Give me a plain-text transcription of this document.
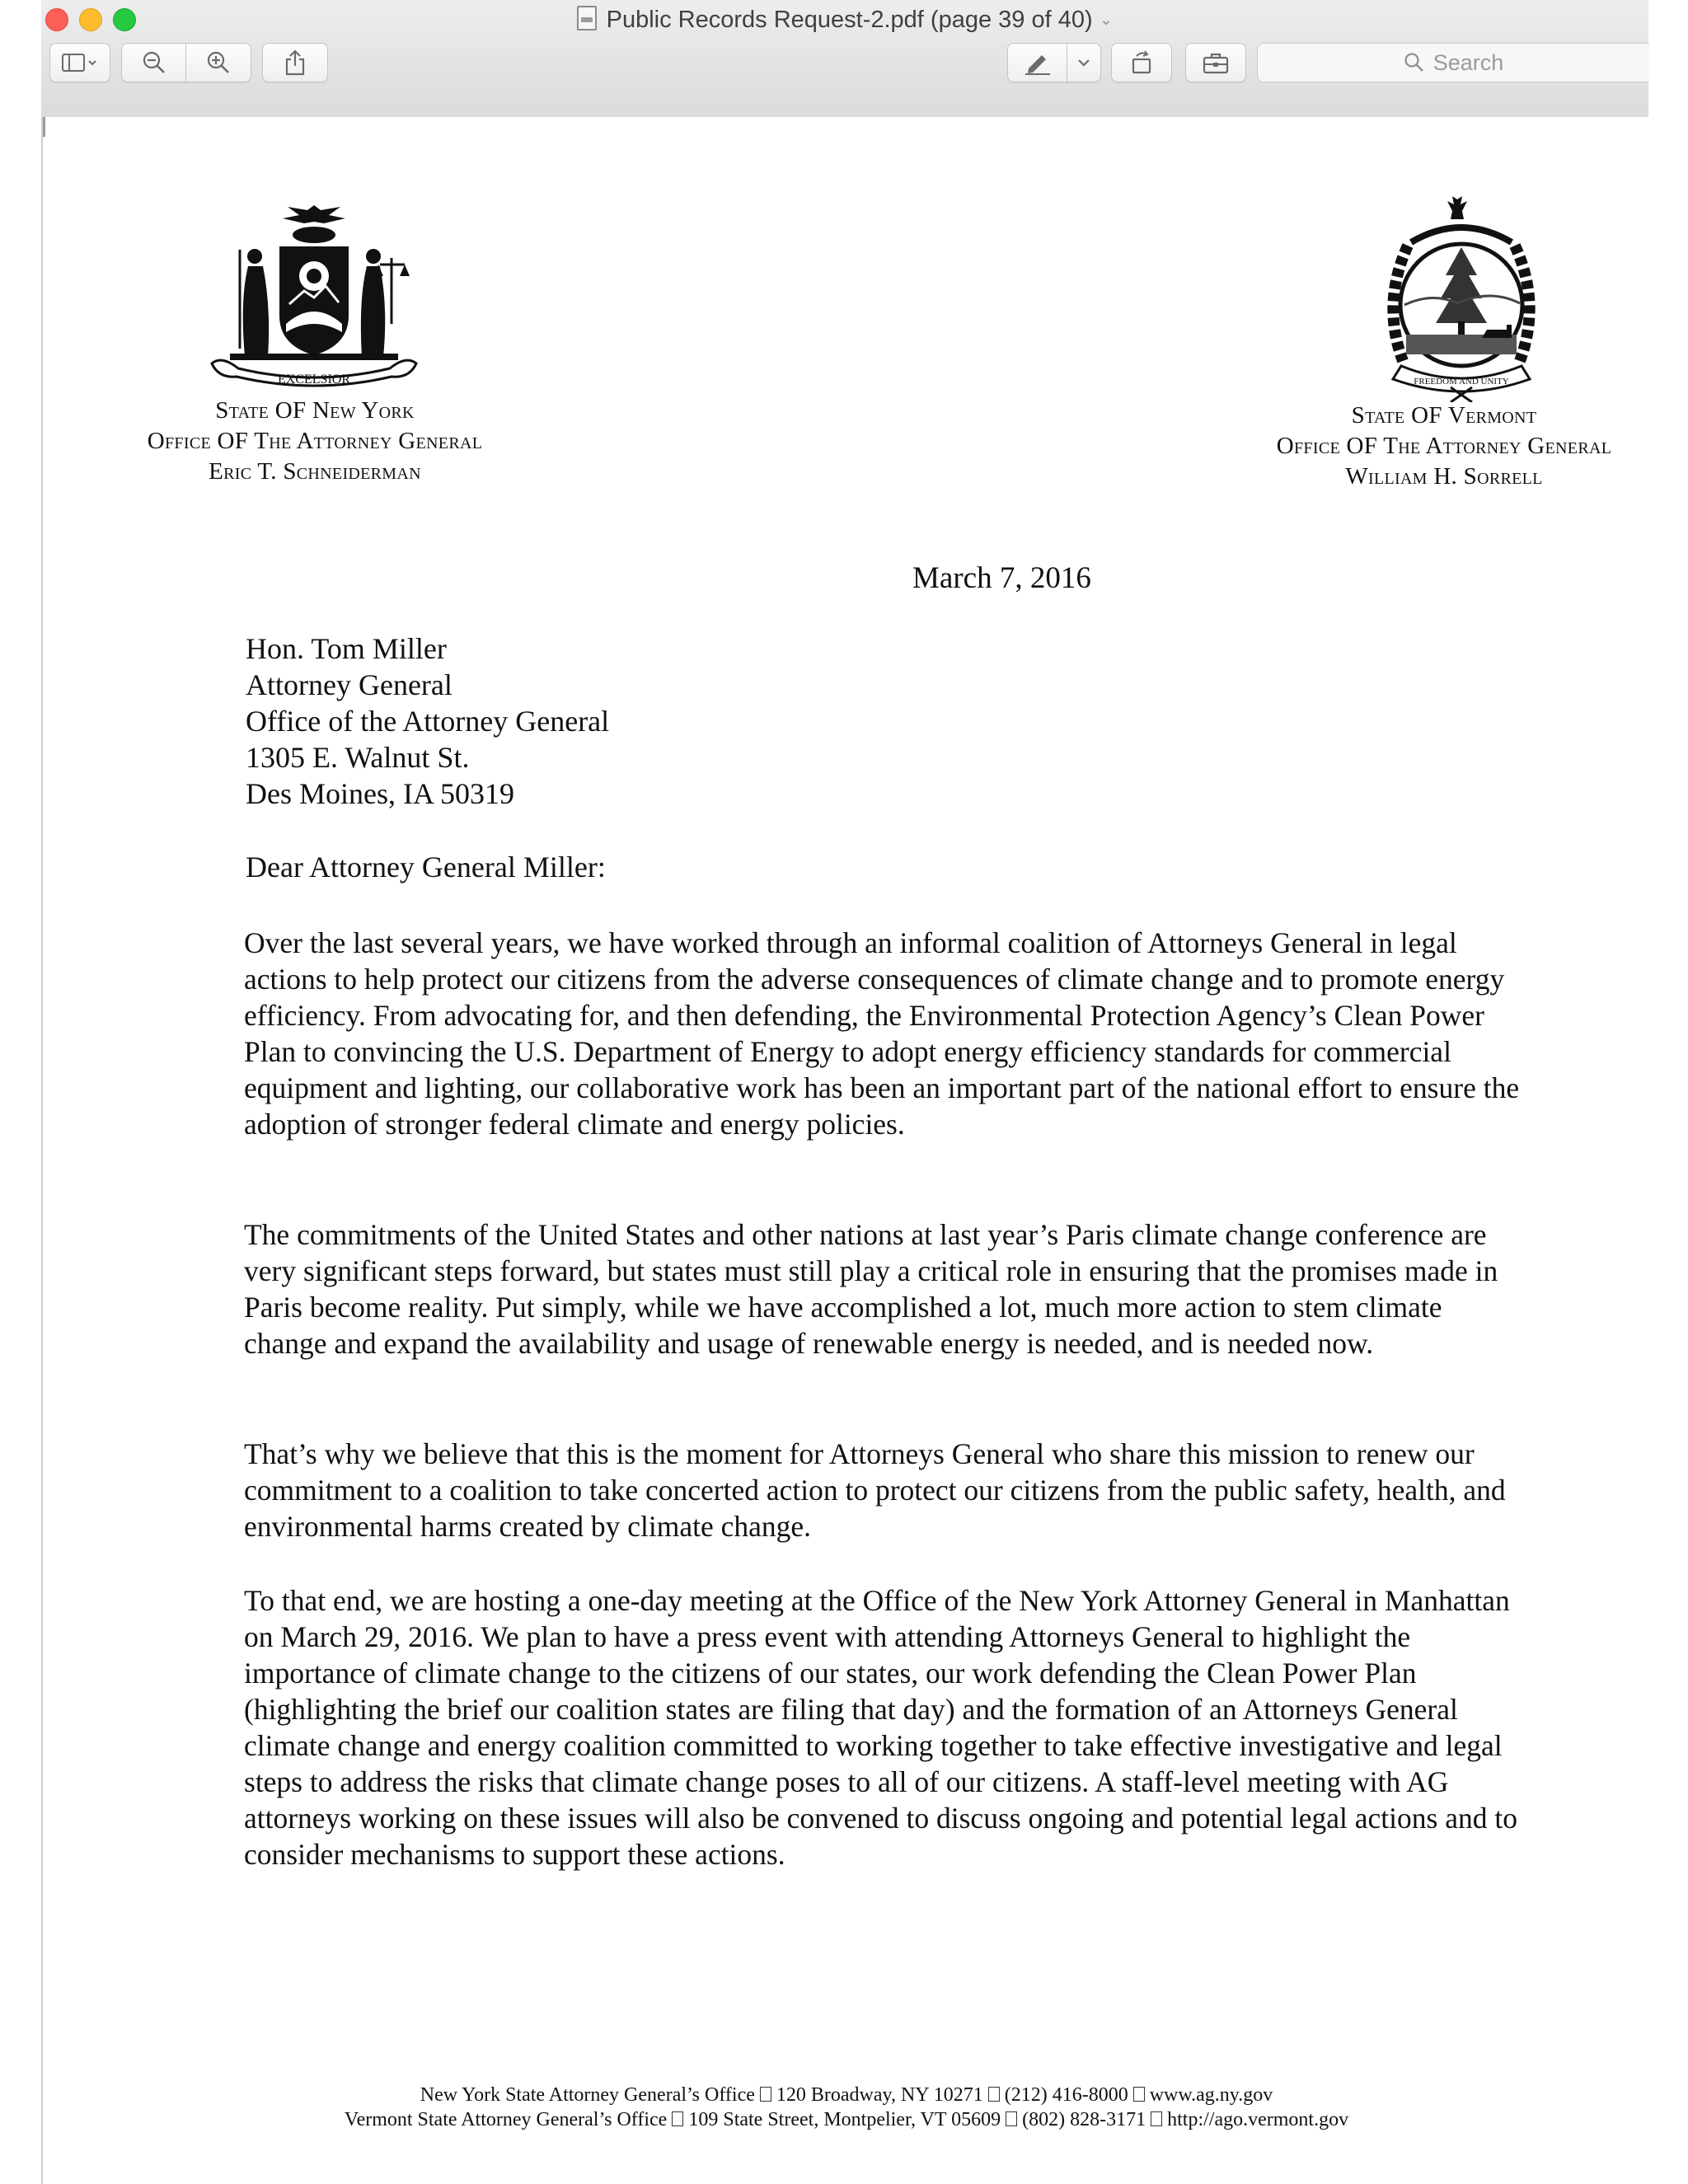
Public Records Request-2.pdf (page 39 of 40) ⌄
Search
EXCELSIOR
State OF New York
Office OF The Attorney General
Eric T. Schneiderman
FREEDOM AND UNITY
State OF Vermont
Office OF The Attorney General
William H. Sorrell
March 7, 2016
Hon. Tom Miller
Attorney General
Office of the Attorney General
1305 E. Walnut St.
Des Moines, IA 50319
Dear Attorney General Miller:
Over the last several years, we have worked through an informal coalition of Attorneys General in legal actions to help protect our citizens from the adverse consequences of climate change and to promote energy efficiency. From advocating for, and then defending, the Environmental Protection Agency’s Clean Power Plan to convincing the U.S. Department of Energy to adopt energy efficiency standards for commercial equipment and lighting, our collaborative work has been an important part of the national effort to ensure the adoption of stronger federal climate and energy policies.
The commitments of the United States and other nations at last year’s Paris climate change conference are very significant steps forward, but states must still play a critical role in ensuring that the promises made in Paris become reality. Put simply, while we have accomplished a lot, much more action to stem climate change and expand the availability and usage of renewable energy is needed, and is needed now.
That’s why we believe that this is the moment for Attorneys General who share this mission to renew our commitment to a coalition to take concerted action to protect our citizens from the public safety, health, and environmental harms created by climate change.
To that end, we are hosting a one-day meeting at the Office of the New York Attorney General in Manhattan on March 29, 2016. We plan to have a press event with attending Attorneys General to highlight the importance of climate change to the citizens of our states, our work defending the Clean Power Plan (highlighting the brief our coalition states are filing that day) and the formation of an Attorneys General climate change and energy coalition committed to working together to take effective investigative and legal steps to address the risks that climate change poses to all of our citizens. A staff-level meeting with AG attorneys working on these issues will also be convened to discuss ongoing and potential legal actions and to consider mechanisms to support these actions.
New York State Attorney General’s Office 120 Broadway, NY 10271 (212) 416-8000 www.ag.ny.gov
Vermont State Attorney General’s Office 109 State Street, Montpelier, VT 05609 (802) 828-3171 http://ago.vermont.gov
